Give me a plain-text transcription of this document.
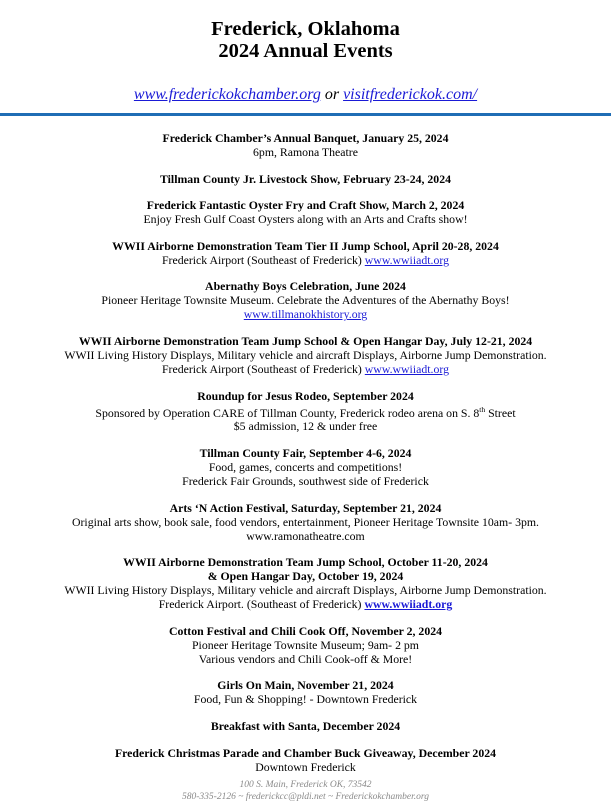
Frederick, Oklahoma

2024 Annual Events

www.frederickokchamber.org or visitfrederickok.com/
Frederick Chamber’s Annual Banquet, January 25, 2024
6pm, Ramona Theatre
Tillman County Jr. Livestock Show, February 23-24, 2024
Frederick Fantastic Oyster Fry and Craft Show, March 2, 2024
Enjoy Fresh Gulf Coast Oysters along with an Arts and Crafts show!
WWII Airborne Demonstration Team Tier II Jump School, April 20-28, 2024
Frederick Airport (Southeast of Frederick) www.wwiiadt.org
Abernathy Boys Celebration, June 2024
Pioneer Heritage Townsite Museum. Celebrate the Adventures of the Abernathy Boys!
www.tillmanokhistory.org
WWII Airborne Demonstration Team Jump School & Open Hangar Day, July 12-21, 2024
WWII Living History Displays, Military vehicle and aircraft Displays, Airborne Jump Demonstration.
Frederick Airport (Southeast of Frederick) www.wwiiadt.org
Roundup for Jesus Rodeo, September 2024
Sponsored by Operation CARE of Tillman County, Frederick rodeo arena on S. 8th Street
$5 admission, 12 & under free
Tillman County Fair, September 4-6, 2024
Food, games, concerts and competitions!
Frederick Fair Grounds, southwest side of Frederick
Arts ‘N Action Festival, Saturday, September 21, 2024
Original arts show, book sale, food vendors, entertainment, Pioneer Heritage Townsite 10am- 3pm.
www.ramonatheatre.com
WWII Airborne Demonstration Team Jump School, October 11-20, 2024
& Open Hangar Day, October 19, 2024
WWII Living History Displays, Military vehicle and aircraft Displays, Airborne Jump Demonstration.
Frederick Airport. (Southeast of Frederick) www.wwiiadt.org
Cotton Festival and Chili Cook Off, November 2, 2024
Pioneer Heritage Townsite Museum; 9am- 2 pm
Various vendors and Chili Cook-off & More!
Girls On Main, November 21, 2024
Food, Fun & Shopping! - Downtown Frederick
Breakfast with Santa, December 2024
Frederick Christmas Parade and Chamber Buck Giveaway, December 2024
Downtown Frederick
100 S. Main, Frederick OK, 73542
580-335-2126 ~ frederickcc@pldi.net ~ Frederickokchamber.org
